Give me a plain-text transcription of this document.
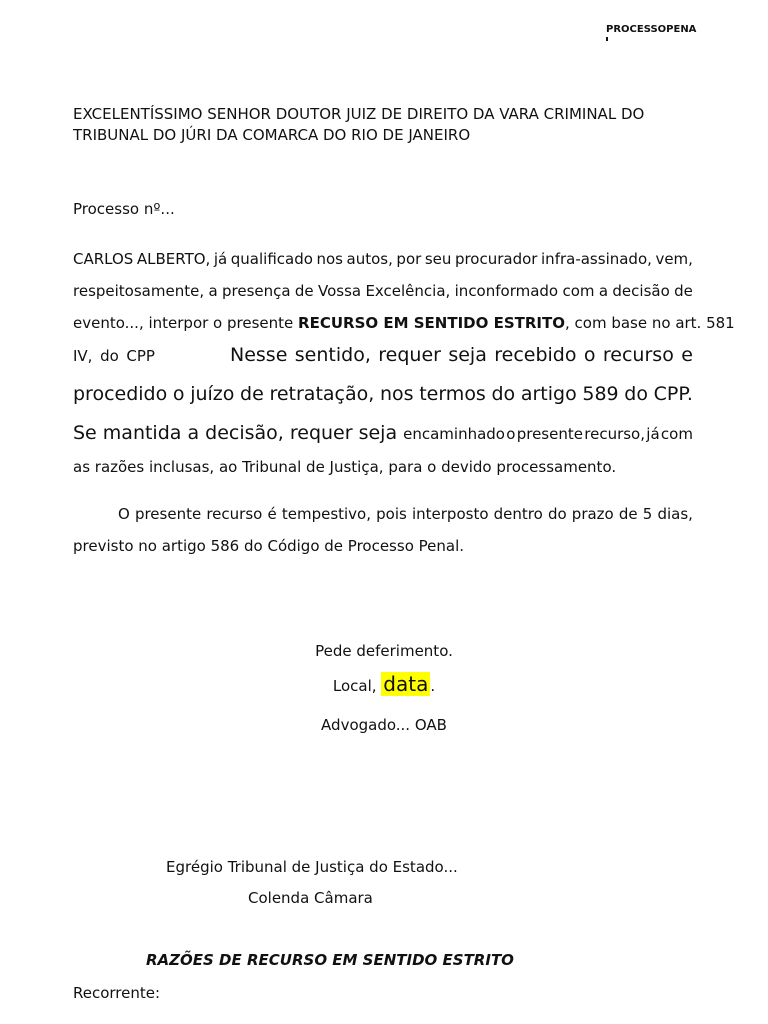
PROCESSOPENA
EXCELENTÍSSIMO SENHOR DOUTOR JUIZ DE DIREITO DA VARA CRIMINAL DO
TRIBUNAL DO JÚRI DA COMARCA DO RIO DE JANEIRO
Processo nº...
CARLOS ALBERTO, já qualificado nos autos, por seu procurador infra-assinado, vem,
respeitosamente, a presença de Vossa Excelência, inconformado com a decisão de
evento..., interpor o presente
RECURSO EM SENTIDO ESTRITO , com base no art. 581
IV, do CPP	Nesse sentido, requer seja recebido o recurso e
procedido o juízo de retratação, nos termos do artigo 589 do CPP.
Se mantida a decisão, requer seja encaminhado o presente recurso, já com
as razões inclusas, ao Tribunal de Justiça, para o devido processamento.
O presente recurso é tempestivo, pois interposto dentro do prazo de 5 dias,
previsto no artigo 586 do Código de Processo Penal.
Pede deferimento.
Local, data .
Advogado... OAB
Egrégio Tribunal de Justiça do Estado...
Colenda Câmara
RAZÕES DE RECURSO EM SENTIDO ESTRITO
Recorrente:
